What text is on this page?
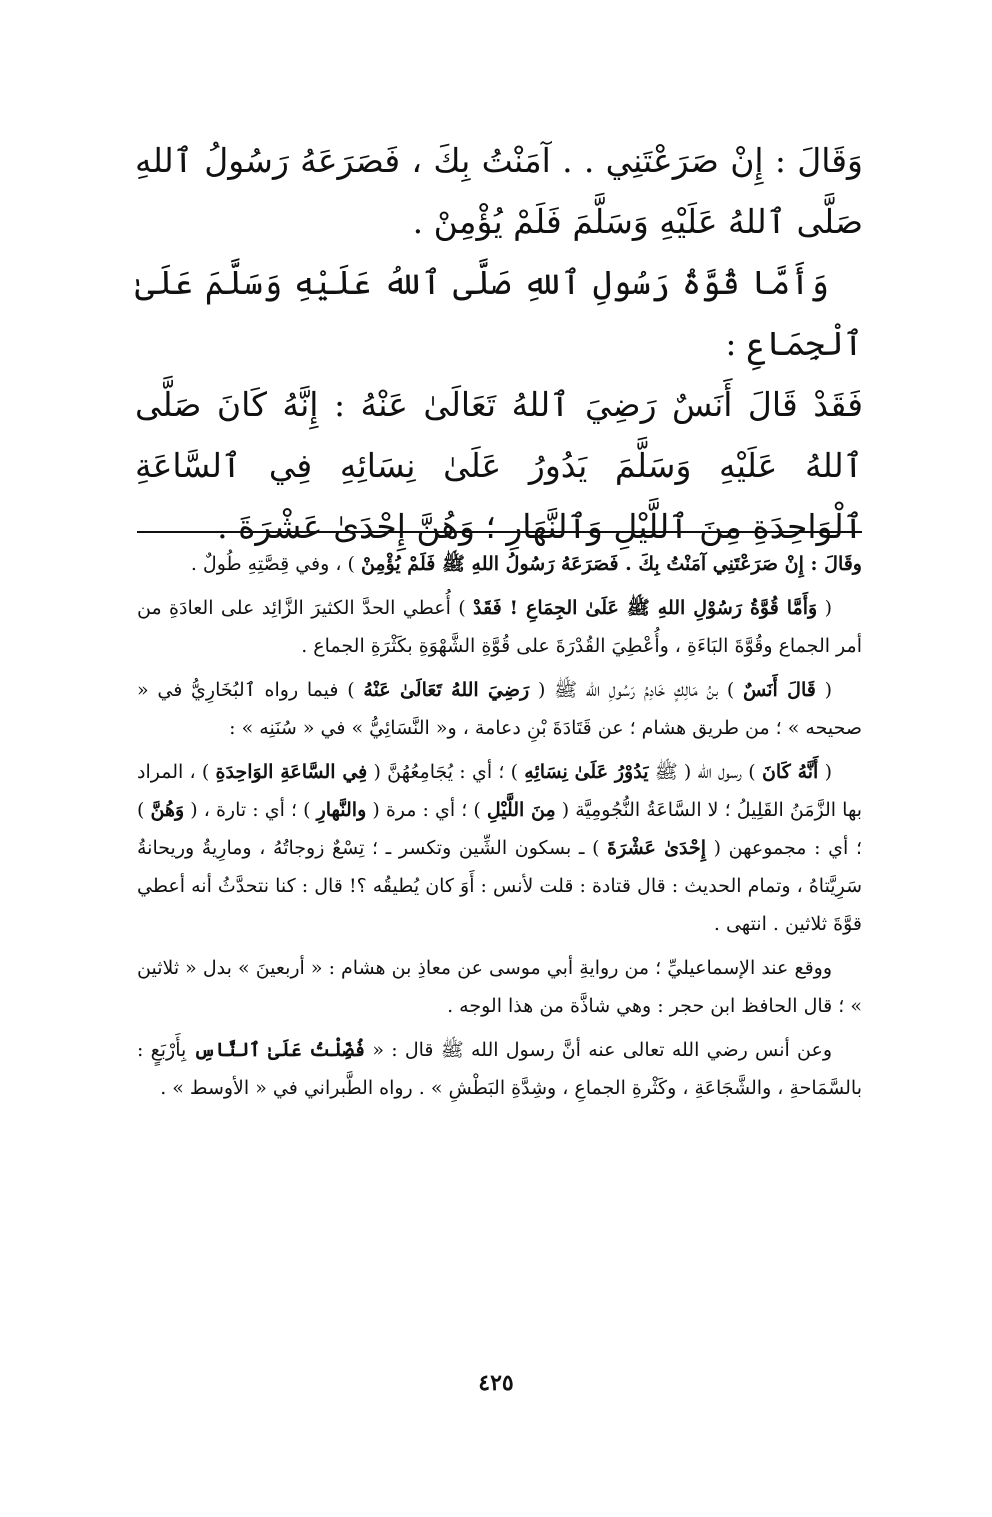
وَقَالَ : إِنْ صَرَعْتَنِي . . آمَنْتُ بِكَ ، فَصَرَعَهُ رَسُولُ ٱللهِ صَلَّى ٱللهُ عَلَيْهِ وَسَلَّمَ فَلَمْ يُؤْمِنْ .

وَأَمَّا قُوَّةُ رَسُولِ ٱللهِ صَلَّى ٱللهُ عَلَيْهِ وَسَلَّمَ عَلَىٰ ٱلْجِمَاعِ :

فَقَدْ قَالَ أَنَسٌ رَضِيَ ٱللهُ تَعَالَىٰ عَنْهُ : إِنَّهُ كَانَ صَلَّى ٱللهُ عَلَيْهِ وَسَلَّمَ يَدُورُ عَلَىٰ نِسَائِهِ فِي ٱلسَّاعَةِ ٱلْوَاحِدَةِ مِنَ ٱللَّيْلِ وَٱلنَّهَارِ ؛ وَهُنَّ إِحْدَىٰ عَشْرَةَ .

وقَالَ : إِنْ صَرَعْتَنِي آمَنْتُ بِكَ . فَصَرَعَهُ رَسُولُ اللهِ ﷺ فَلَمْ يُؤْمِنْ ) ، وفي قِصَّتِهِ طُولٌ .

( وَأَمَّا قُوَّةُ رَسُوْلِ اللهِ ﷺ عَلَىٰ الجِمَاعِ ! فَقَدْ ) أُعطي الحدَّ الكثيرَ الزَّائِد على العادَةِ من أمر الجماع وقُوَّةَ البَاءَةِ ، وأُعْطِيَ القُدْرَةَ على قُوَّةِ الشَّهْوَةِ بكَثْرَةِ الجماع .

( قَالَ أَنَسٌ ) بنُ مَالِكٍ خَادِمُ رَسُولِ الله ﷺ ( رَضِيَ اللهُ تَعَالَىٰ عَنْهُ ) فيما رواه ٱلبُخَارِيُّ في « صحيحه » ؛ من طريق هشام ؛ عن قَتَادَةَ بْنِ دعامة ، و« النَّسَائِيُّ » في « سُنَنِه » :

( أَنَّهُ كَانَ ) رسول الله ( ﷺ يَدُوْرُ عَلَىٰ نِسَائِهِ ) ؛ أي : يُجَامِعُهُنَّ ( فِي السَّاعَةِ الوَاحِدَةِ ) ، المراد بها الزَّمَنُ القَلِيلُ ؛ لا السَّاعَةُ النُّجُومِيَّة ( مِنَ اللَّيْلِ ) ؛ أي : مرة ( والنَّهارِ ) ؛ أي : تارة ، ( وَهُنَّ ) ؛ أي : مجموعهن ( إِحْدَىٰ عَشْرَةَ ) ـ بسكون الشِّين وتكسر ـ ؛ تِسْعٌ زوجاتُهُ ، ومارِيةُ وريحانةُ سَرِيَّتاهُ ، وتمام الحديث : قال قتادة : قلت لأنس : أَوَ كان يُطيقُه ؟! قال : كنا نتحدَّثُ أنه أعطي قوَّةَ ثلاثين . انتهى .

ووقع عند الإسماعيليِّ ؛ من روايةِ أبي موسى عن معاذِ بن هشام : « أربعينَ » بدل « ثلاثين » ؛ قال الحافظ ابن حجر : وهي شاذَّة من هذا الوجه .

وعن أنس رضي الله تعالى عنه أنَّ رسول الله ﷺ قال : « فُضِّلْتُ عَلَىٰ ٱلنَّاسِ بِأَرْبَعٍ : بالسَّمَاحةِ ، والشَّجَاعَةِ ، وكَثْرةِ الجماعِ ، وشِدَّةِ البَطْشِ » . رواه الطَّبراني في « الأوسط » .

٤٢٥
